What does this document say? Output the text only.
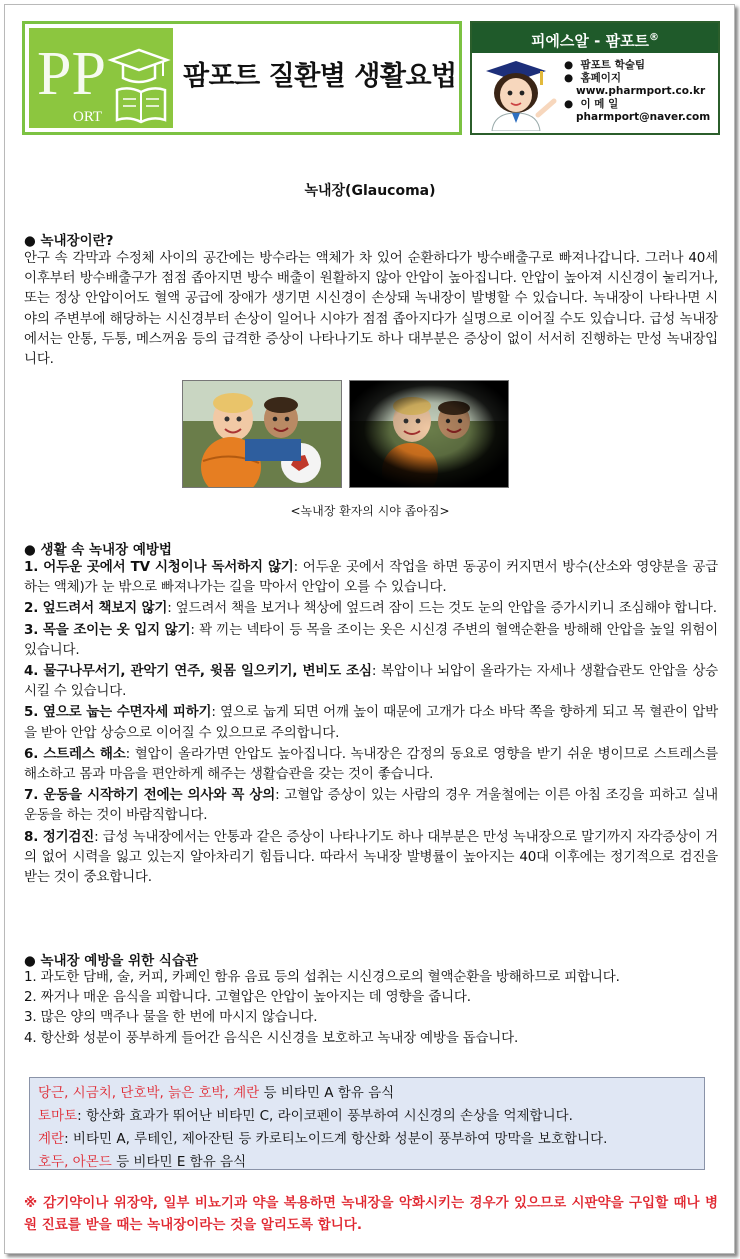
PP
ORT
팜포트 질환별 생활요법
피에스알 - 팜포트®
●  팜포트 학술팀
●  홈페이지
www.pharmport.co.kr
●  이 메 일
pharmport@naver.com
녹내장(Glaucoma)
● 녹내장이란?
안구 속 각막과 수정체 사이의 공간에는 방수라는 액체가 차 있어 순환하다가 방수배출구로 빠져나갑니다. 그러나 40세 이후부터 방수배출구가 점점 좁아지면 방수 배출이 원활하지 않아 안압이 높아집니다. 안압이 높아져 시신경이 눌리거나, 또는 정상 안압이어도 혈액 공급에 장애가 생기면 시신경이 손상돼 녹내장이 발병할 수 있습니다. 녹내장이 나타나면 시야의 주변부에 해당하는 시신경부터 손상이 일어나 시야가 점점 좁아지다가 실명으로 이어질 수도 있습니다. 급성 녹내장에서는 안통, 두통, 메스꺼움 등의 급격한 증상이 나타나기도 하나 대부분은 증상이 없이 서서히 진행하는 만성 녹내장입니다.
<녹내장 환자의 시야 좁아짐>
● 생활 속 녹내장 예방법
1. 어두운 곳에서 TV 시청이나 독서하지 않기: 어두운 곳에서 작업을 하면 동공이 커지면서 방수(산소와 영양분을 공급하는 액체)가 눈 밖으로 빠져나가는 길을 막아서 안압이 오를 수 있습니다.
2. 엎드려서 책보지 않기: 엎드려서 책을 보거나 책상에 엎드려 잠이 드는 것도 눈의 안압을 증가시키니 조심해야 합니다.
3. 목을 조이는 옷 입지 않기: 꽉 끼는 넥타이 등 목을 조이는 옷은 시신경 주변의 혈액순환을 방해해 안압을 높일 위험이 있습니다.
4. 물구나무서기, 관악기 연주, 윗몸 일으키기, 변비도 조심: 복압이나 뇌압이 올라가는 자세나 생활습관도 안압을 상승시킬 수 있습니다.
5. 옆으로 눕는 수면자세 피하기: 옆으로 눕게 되면 어깨 높이 때문에 고개가 다소 바닥 쪽을 향하게 되고 목 혈관이 압박을 받아 안압 상승으로 이어질 수 있으므로 주의합니다.
6. 스트레스 해소: 혈압이 올라가면 안압도 높아집니다. 녹내장은 감정의 동요로 영향을 받기 쉬운 병이므로 스트레스를 해소하고 몸과 마음을 편안하게 해주는 생활습관을 갖는 것이 좋습니다.
7. 운동을 시작하기 전에는 의사와 꼭 상의: 고혈압 증상이 있는 사람의 경우 겨울철에는 이른 아침 조깅을 피하고 실내 운동을 하는 것이 바람직합니다.
8. 정기검진: 급성 녹내장에서는 안통과 같은 증상이 나타나기도 하나 대부분은 만성 녹내장으로 말기까지 자각증상이 거의 없어 시력을 잃고 있는지 알아차리기 힘듭니다. 따라서 녹내장 발병률이 높아지는 40대 이후에는 정기적으로 검진을 받는 것이 중요합니다.
● 녹내장 예방을 위한 식습관
1. 과도한 담배, 술, 커피, 카페인 함유 음료 등의 섭취는 시신경으로의 혈액순환을 방해하므로 피합니다.
2. 짜거나 매운 음식을 피합니다. 고혈압은 안압이 높아지는 데 영향을 줍니다.
3. 많은 양의 맥주나 물을 한 번에 마시지 않습니다.
4. 항산화 성분이 풍부하게 들어간 음식은 시신경을 보호하고 녹내장 예방을 돕습니다.
당근, 시금치, 단호박, 늙은 호박, 계란 등 비타민 A 함유 음식
토마토: 항산화 효과가 뛰어난 비타민 C, 라이코펜이 풍부하여 시신경의 손상을 억제합니다.
계란: 비타민 A, 루테인, 제아잔틴 등 카로티노이드계 항산화 성분이 풍부하여 망막을 보호합니다.
호두, 아몬드 등 비타민 E 함유 음식
※ 감기약이나 위장약, 일부 비뇨기과 약을 복용하면 녹내장을 악화시키는 경우가 있으므로 시판약을 구입할 때나 병원 진료를 받을 때는 녹내장이라는 것을 알리도록 합니다.
